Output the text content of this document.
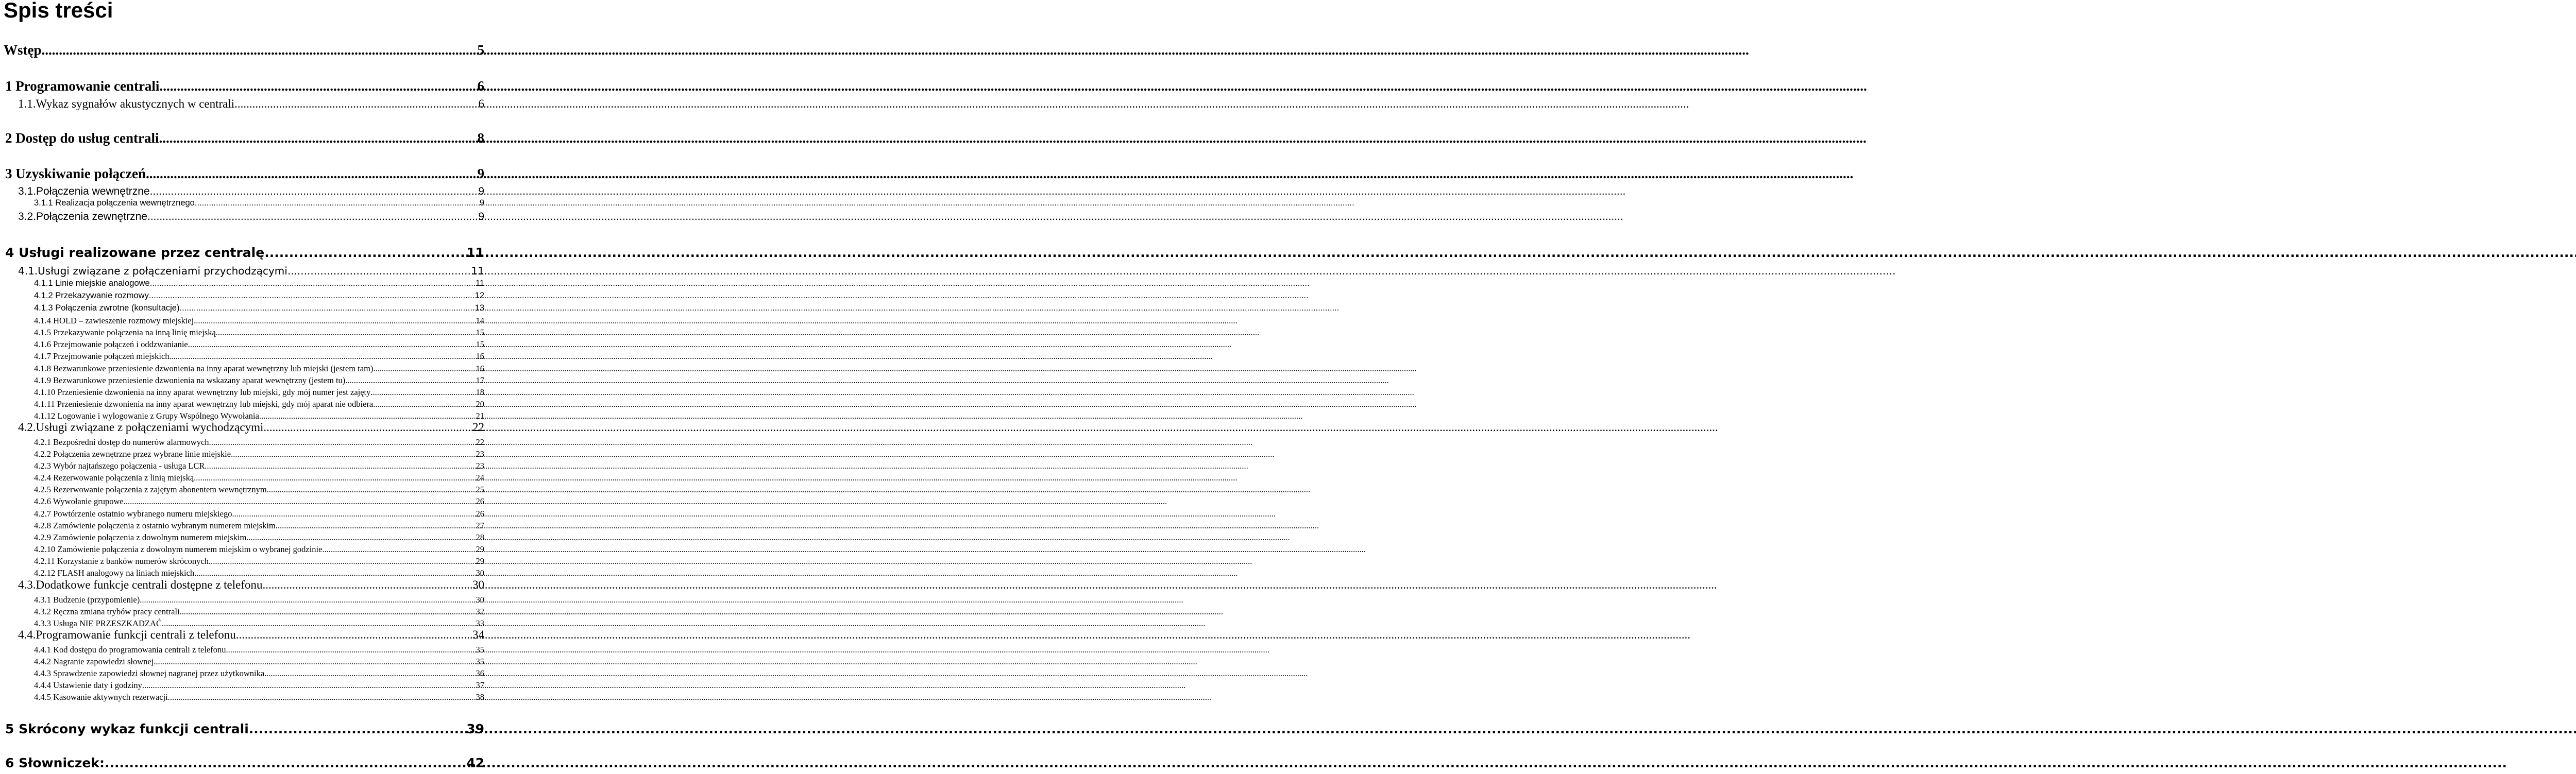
Spis treści
Wstęp .....	5
1 Programowanie centrali .....	6
1.1.Wykaz sygnałów akustycznych w centrali .....	6
2 Dostęp do usług centrali .....	8
3 Uzyskiwanie połączeń .....	9
3.1.Połączenia wewnętrzne .....	9
3.1.1 Realizacja połączenia wewnętrznego .....	9
3.2.Połączenia zewnętrzne .....	9
4 Usługi realizowane przez centralę .....	11
4.1.Usługi związane z połączeniami przychodzącymi .....	11
4.1.1 Linie miejskie analogowe .....	11
4.1.2 Przekazywanie rozmowy .....	12
4.1.3 Połączenia zwrotne (konsultacje) .....	13
4.1.4 HOLD – zawieszenie rozmowy miejskiej .....	14
4.1.5 Przekazywanie połączenia na inną linię miejską .....	15
4.1.6 Przejmowanie połączeń i oddzwanianie .....	15
4.1.7 Przejmowanie połączeń miejskich .....	16
4.1.8 Bezwarunkowe przeniesienie dzwonienia na inny aparat wewnętrzny lub miejski (jestem tam) .....	16
4.1.9 Bezwarunkowe przeniesienie dzwonienia na wskazany aparat wewnętrzny (jestem tu) .....	17
4.1.10 Przeniesienie dzwonienia na inny aparat wewnętrzny lub miejski, gdy mój numer jest zajęty .....	18
4.1.11 Przeniesienie dzwonienia na inny aparat wewnętrzny lub miejski, gdy mój aparat nie odbiera .....	20
4.1.12 Logowanie i wylogowanie z Grupy Wspólnego Wywołania .....	21
4.2.Usługi związane z połączeniami wychodzącymi .....	22
4.2.1 Bezpośredni dostęp do numerów alarmowych .....	22
4.2.2 Połączenia zewnętrzne przez wybrane linie miejskie .....	23
4.2.3 Wybór najtańszego połączenia - usługa LCR .....	23
4.2.4 Rezerwowanie połączenia z linią miejską .....	24
4.2.5 Rezerwowanie połączenia z zajętym abonentem wewnętrznym .....	25
4.2.6 Wywołanie grupowe .....	26
4.2.7 Powtórzenie ostatnio wybranego numeru miejskiego .....	26
4.2.8 Zamówienie połączenia z ostatnio wybranym numerem miejskim .....	27
4.2.9 Zamówienie połączenia z dowolnym numerem miejskim .....	28
4.2.10 Zamówienie połączenia z dowolnym numerem miejskim o wybranej godzinie .....	29
4.2.11 Korzystanie z banków numerów skróconych .....	29
4.2.12 FLASH analogowy na liniach miejskich .....	30
4.3.Dodatkowe funkcje centrali dostępne z telefonu .....	30
4.3.1 Budzenie (przypomienie) .....	30
4.3.2 Ręczna zmiana trybów pracy centrali .....	32
4.3.3 Usługa NIE PRZESZKADZAĆ .....	33
4.4.Programowanie funkcji centrali z telefonu .....	34
4.4.1 Kod dostępu do programowania centrali z telefonu .....	35
4.4.2 Nagranie zapowiedzi słownej .....	35
4.4.3 Sprawdzenie zapowiedzi słownej nagranej przez użytkownika .....	36
4.4.4 Ustawienie daty i godziny .....	37
4.4.5 Kasowanie aktywnych rezerwacji .....	38
5 Skrócony wykaz funkcji centrali .....	39
6 Słowniczek: .....	42
